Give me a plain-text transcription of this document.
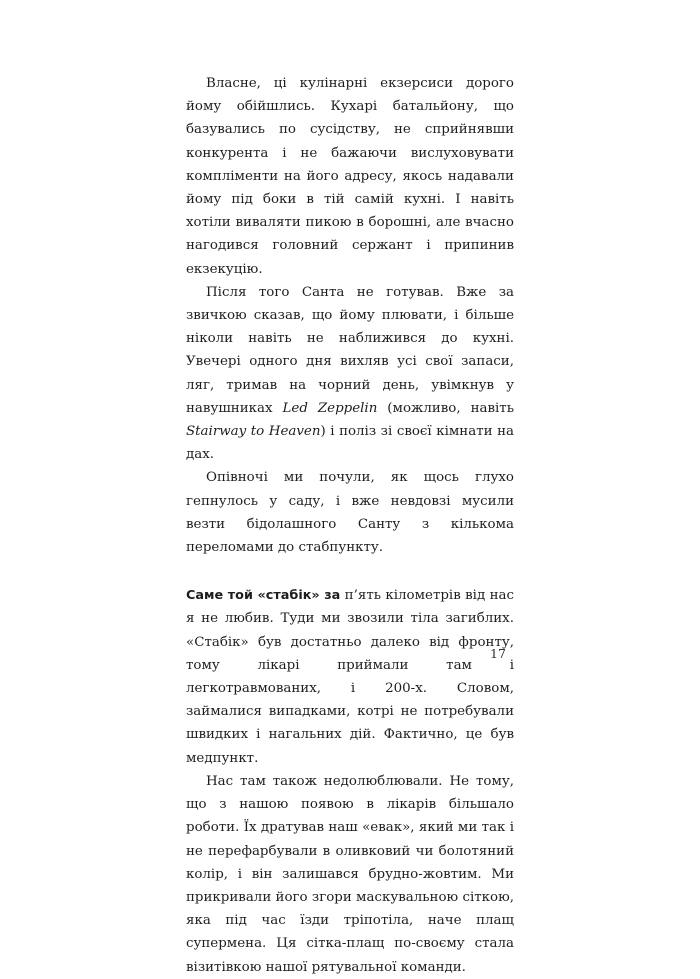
Власне, ці кулінарні екзерсиси дорого йому обійшлись. Кухарі батальйону, що базувались по сусідству, не сприйнявши конкурента і не бажаючи вислуховувати компліменти на його адресу, якось надавали йому під боки в тій самій кухні. І навіть хотіли виваляти пикою в борошні, але вчасно нагодився головний сержант і припинив екзекуцію.

Після того Санта не готував. Вже за звичкою сказав, що йому плювати, і більше ніколи навіть не наближився до кухні. Увечері одного дня вихляв усі свої запаси, ляг, тримав на чорний день, увімкнув у навушниках Led Zeppelin (можливо, навіть Stairway to Heaven) і поліз зі своєї кімнати на дах.

Опівночі ми почули, як щось глухо гепнулось у саду, і вже невдовзі мусили везти бідолашного Санту з кількома переломами до стабпункту.

Саме той «стабік» за п’ять кілометрів від нас я не любив. Туди ми звозили тіла загиблих. «Стабік» був достатньо далеко від фронту, тому лікарі приймали там і легкотравмованих, і 200-х. Словом, займалися випадками, котрі не потребували швидких і нагальних дій. Фактично, це був медпункт.

Нас там також недолюблювали. Не тому, що з нашою появою в лікарів більшало роботи. Їх дратував наш «евак», який ми так і не перефарбували в оливковий чи болотяний колір, і він залишався брудно-жовтим. Ми прикривали його згори маскувальною сіткою, яка під час їзди тріпотіла, наче плащ супермена. Ця сітка-плащ по-своєму стала візитівкою нашої рятувальної команди.

17
